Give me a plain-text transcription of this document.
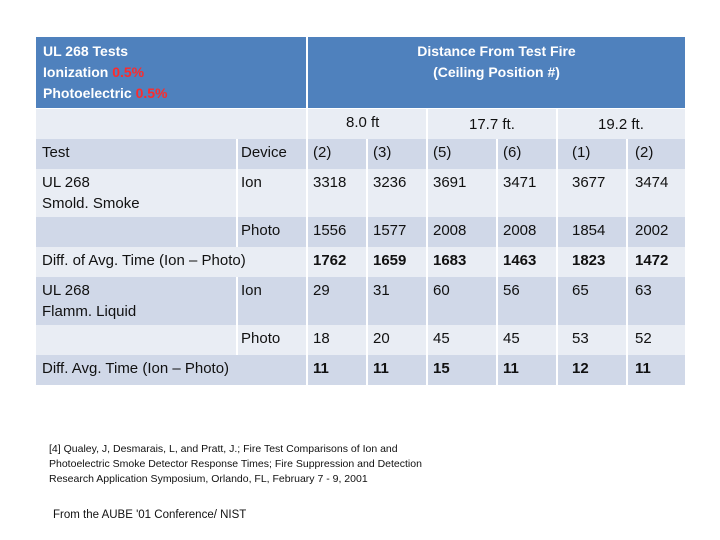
UL 268 Tests
Ionization 0.5%
Photoelectric 0.5%
Distance From Test Fire
(Ceiling Position #)
8.0 ft	17.7 ft.	19.2 ft.
Test	Device (2)	(3)	(5)	(6)	(1)	(2)
UL 268
Smold. Smoke
Ion	3318 3236 3691 3471 3677 3474
Photo 1556 1577 2008 2008 1854 2002
Diff. of Avg. Time (Ion – Photo)	1762 1659 1683 1463 1823 1472
UL 268
Flamm. Liquid
Ion	29	31	60	56	65	63
Photo 18	20	45	45	53	52
Diff. Avg. Time (Ion – Photo)	11	11	15	11	12	11
[4] Qualey, J, Desmarais, L, and Pratt, J.; Fire Test Comparisons of Ion and
Photoelectric Smoke Detector Response Times; Fire Suppression and Detection
Research Application Symposium, Orlando, FL, February 7 - 9, 2001
From the AUBE '01 Conference/ NIST
